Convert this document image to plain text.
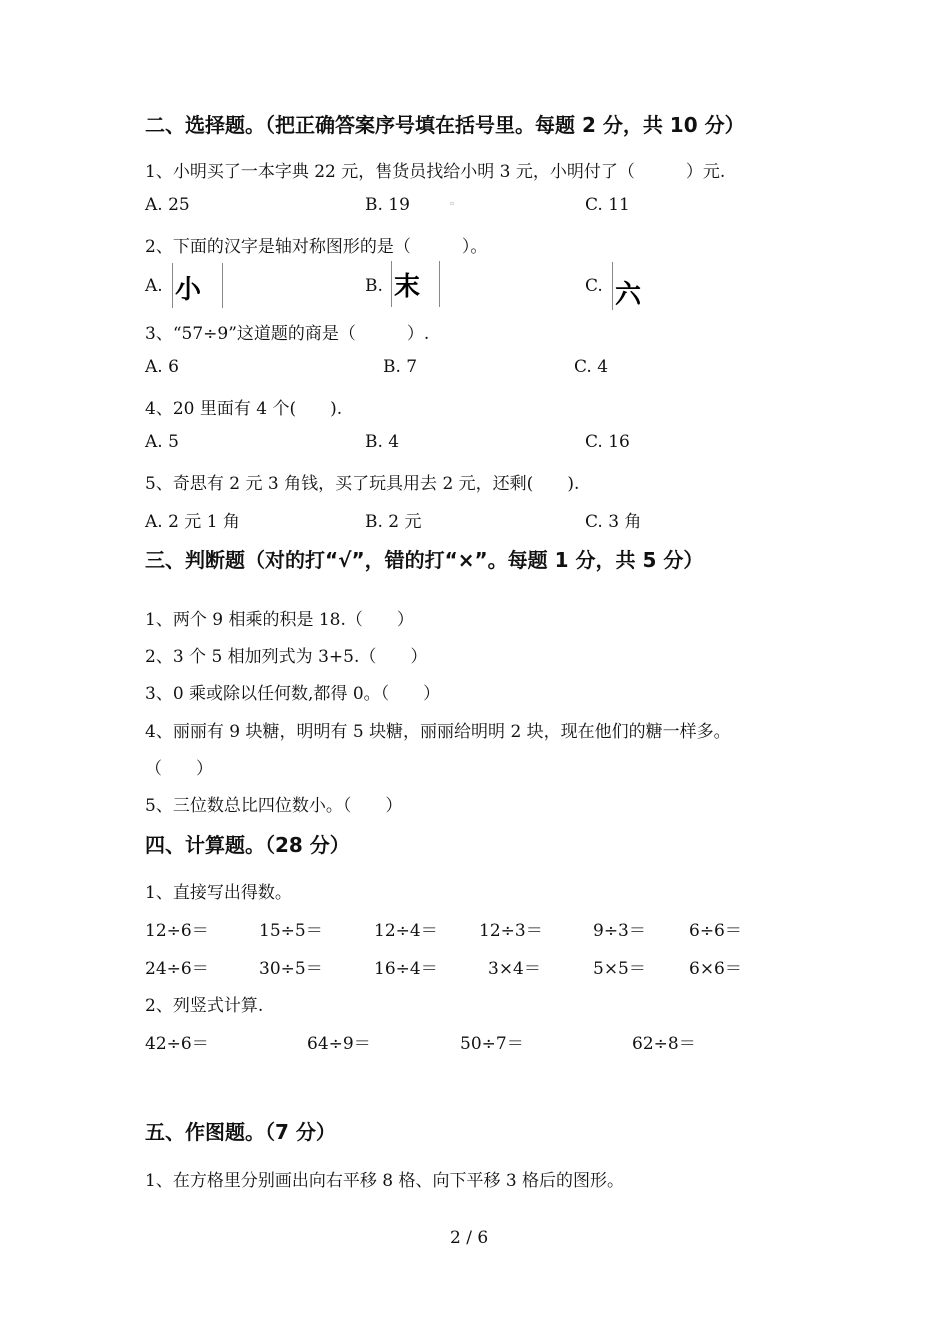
二、选择题。（把正确答案序号填在括号里。每题 2 分，共 10 分）
1、小明买了一本字典 22 元，售货员找给小明 3 元，小明付了（　　　）元.
A. 25	B. 19	▫	C. 11
2、下面的汉字是轴对称图形的是（　　　）。
A. 小	B. 末	C. 六
3、“57÷9”这道题的商是（　　　）.
A. 6	B. 7	C. 4
4、20 里面有 4 个(　　).
A. 5	B. 4	C. 16
5、奇思有 2 元 3 角钱，买了玩具用去 2 元，还剩(　　).
A. 2 元 1 角	B. 2 元	C. 3 角
三、判断题（对的打“√”，错的打“×”。每题 1 分，共 5 分）
1、两个 9 相乘的积是 18.（　　）
2、3 个 5 相加列式为 3+5.（　　）
3、0 乘或除以任何数,都得 0。（　　）
4、丽丽有 9 块糖，明明有 5 块糖，丽丽给明明 2 块，现在他们的糖一样多。
（　　）
5、三位数总比四位数小。（　　）
四、计算题。（28 分）
1、直接写出得数。
12÷6＝	15÷5＝	12÷4＝ 12÷3＝	9÷3＝	6÷6＝
24÷6＝	30÷5＝	16÷4＝	3×4＝	5×5＝	6×6＝
2、列竖式计算.
42÷6＝	64÷9＝	50÷7＝	62÷8＝
五、作图题。（7 分）
1、在方格里分别画出向右平移 8 格、向下平移 3 格后的图形。
2 / 6
